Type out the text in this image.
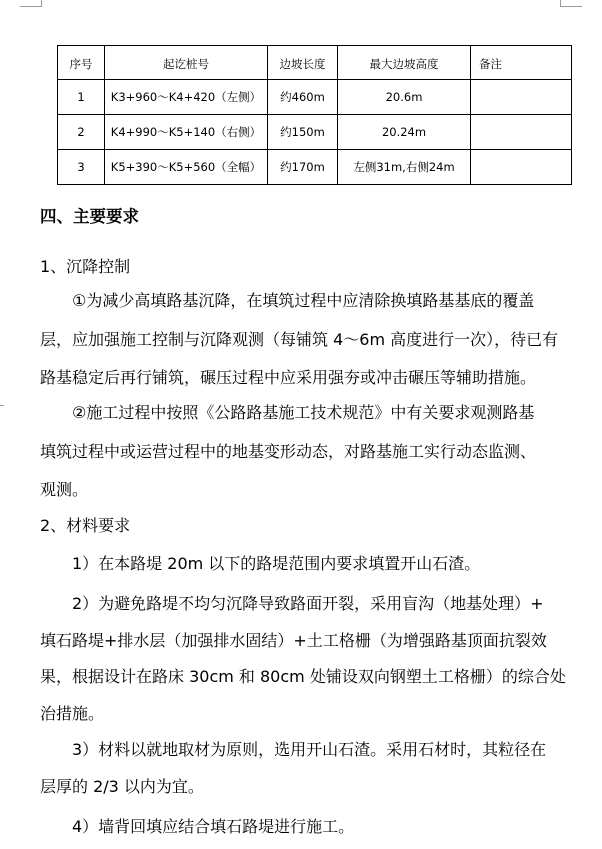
序号	起讫桩号	边坡长度	最大边坡高度	备注
1	K3+960～K4+420（左侧）	约460m	20.6m	
2	K4+990～K5+140（右侧）	约150m	20.24m	
3	K5+390～K5+560（全幅）	约170m	左侧31m,右侧24m	
四、主要要求
1、沉降控制
①为减少高填路基沉降，在填筑过程中应清除换填路基基底的覆盖
层，应加强施工控制与沉降观测（每铺筑 4～6m 高度进行一次），待已有
路基稳定后再行铺筑，碾压过程中应采用强夯或冲击碾压等辅助措施。
②施工过程中按照《公路路基施工技术规范》中有关要求观测路基
填筑过程中或运营过程中的地基变形动态，对路基施工实行动态监测、
观测。
2、材料要求
1）在本路堤 20m 以下的路堤范围内要求填置开山石渣。
2）为避免路堤不均匀沉降导致路面开裂，采用盲沟（地基处理）+
填石路堤+排水层（加强排水固结）+土工格栅（为增强路基顶面抗裂效
果，根据设计在路床 30cm 和 80cm 处铺设双向钢塑土工格栅）的综合处
治措施。
3）材料以就地取材为原则，选用开山石渣。采用石材时，其粒径在
层厚的 2/3 以内为宜。
4）墙背回填应结合填石路堤进行施工。
